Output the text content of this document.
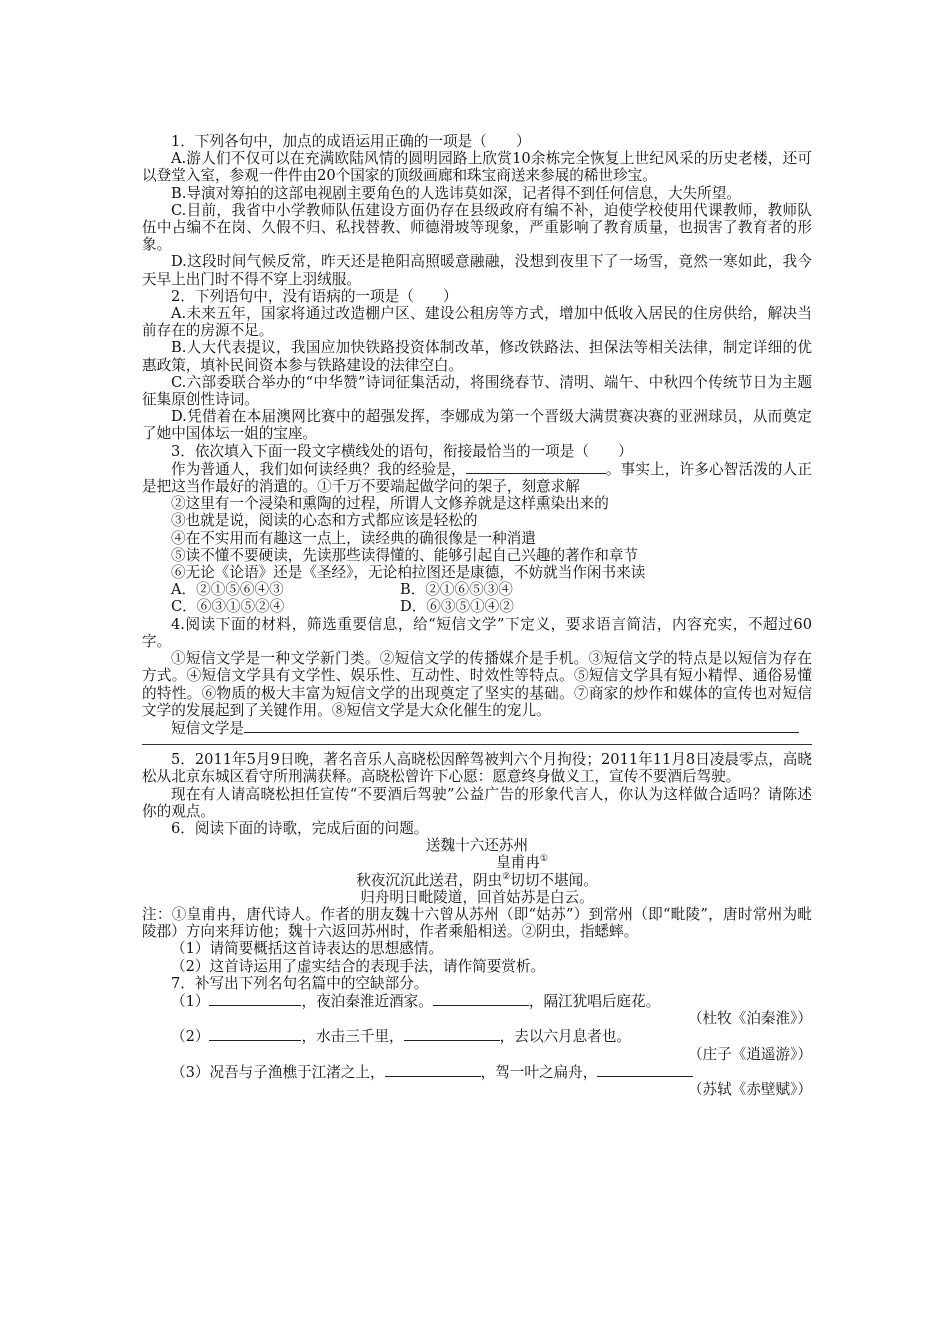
1．下列各句中，加点的成语运用正确的一项是（　　）

A.游人们不仅可以在充满欧陆风情的圆明园路上欣赏10余栋完全恢复上世纪风采的历史老楼，还可以登堂入室，参观一件件由20个国家的顶级画廊和珠宝商送来参展的稀世珍宝。

B.导演对筹拍的这部电视剧主要角色的人选讳莫如深，记者得不到任何信息，大失所望。

C.目前，我省中小学教师队伍建设方面仍存在县级政府有编不补，迫使学校使用代课教师，教师队伍中占编不在岗、久假不归、私找替教、师德滑坡等现象，严重影响了教育质量，也损害了教育者的形象。

D.这段时间气候反常，昨天还是艳阳高照暖意融融，没想到夜里下了一场雪，竟然一寒如此，我今天早上出门时不得不穿上羽绒服。

2．下列语句中，没有语病的一项是（　　）

A.未来五年，国家将通过改造棚户区、建设公租房等方式，增加中低收入居民的住房供给，解决当前存在的房源不足。

B.人大代表提议，我国应加快铁路投资体制改革，修改铁路法、担保法等相关法律，制定详细的优惠政策，填补民间资本参与铁路建设的法律空白。

C.六部委联合举办的“中华赞”诗词征集活动，将围绕春节、清明、端午、中秋四个传统节日为主题征集原创性诗词。

D.凭借着在本届澳网比赛中的超强发挥，李娜成为第一个晋级大满贯赛决赛的亚洲球员，从而奠定了她中国体坛一姐的宝座。

3．依次填入下面一段文字横线处的语句，衔接最恰当的一项是（　　）

作为普通人，我们如何读经典？我的经验是，	。事实上，许多心智活泼的人正是把这当作最好的消遣的。①千万不要端起做学问的架子，刻意求解

②这里有一个浸染和熏陶的过程，所谓人文修养就是这样熏染出来的

③也就是说，阅读的心态和方式都应该是轻松的

④在不实用而有趣这一点上，读经典的确很像是一种消遣

⑤读不懂不要硬读，先读那些读得懂的、能够引起自己兴趣的著作和章节

⑥无论《论语》还是《圣经》，无论柏拉图还是康德，不妨就当作闲书来读

A．②①⑤⑥④③	B．②①⑥⑤③④
C．⑥③①⑤②④	D．⑥③⑤①④②

4.阅读下面的材料，筛选重要信息，给“短信文学”下定义，要求语言简洁，内容充实，不超过60字。

①短信文学是一种文学新门类。②短信文学的传播媒介是手机。③短信文学的特点是以短信为存在方式。④短信文学具有文学性、娱乐性、互动性、时效性等特点。⑤短信文学具有短小精悍、通俗易懂的特性。⑥物质的极大丰富为短信文学的出现奠定了坚实的基础。⑦商家的炒作和媒体的宣传也对短信文学的发展起到了关键作用。⑧短信文学是大众化催生的宠儿。

短信文学是

5．2011年5月9日晚，著名音乐人高晓松因醉驾被判六个月拘役；2011年11月8日凌晨零点，高晓松从北京东城区看守所刑满获释。高晓松曾许下心愿：愿意终身做义工，宣传不要酒后驾驶。

现在有人请高晓松担任宣传“不要酒后驾驶”公益广告的形象代言人，你认为这样做合适吗？请陈述你的观点。

6．阅读下面的诗歌，完成后面的问题。

送魏十六还苏州

皇甫冉①

秋夜沉沉此送君，阴虫②切切不堪闻。

归舟明日毗陵道，回首姑苏是白云。

注：①皇甫冉，唐代诗人。作者的朋友魏十六曾从苏州（即“姑苏”）到常州（即“毗陵”，唐时常州为毗陵郡）方向来拜访他；魏十六返回苏州时，作者乘船相送。②阴虫，指蟋蟀。

（1）请简要概括这首诗表达的思想感情。

（2）这首诗运用了虚实结合的表现手法，请作简要赏析。

7．补写出下列名句名篇中的空缺部分。

（1）	，夜泊秦淮近酒家。	，隔江犹唱后庭花。

（杜牧《泊秦淮》）

（2）	，水击三千里，	，去以六月息者也。

（庄子《逍遥游》）

（3）况吾与子渔樵于江渚之上，	，驾一叶之扁舟，

（苏轼《赤壁赋》）
